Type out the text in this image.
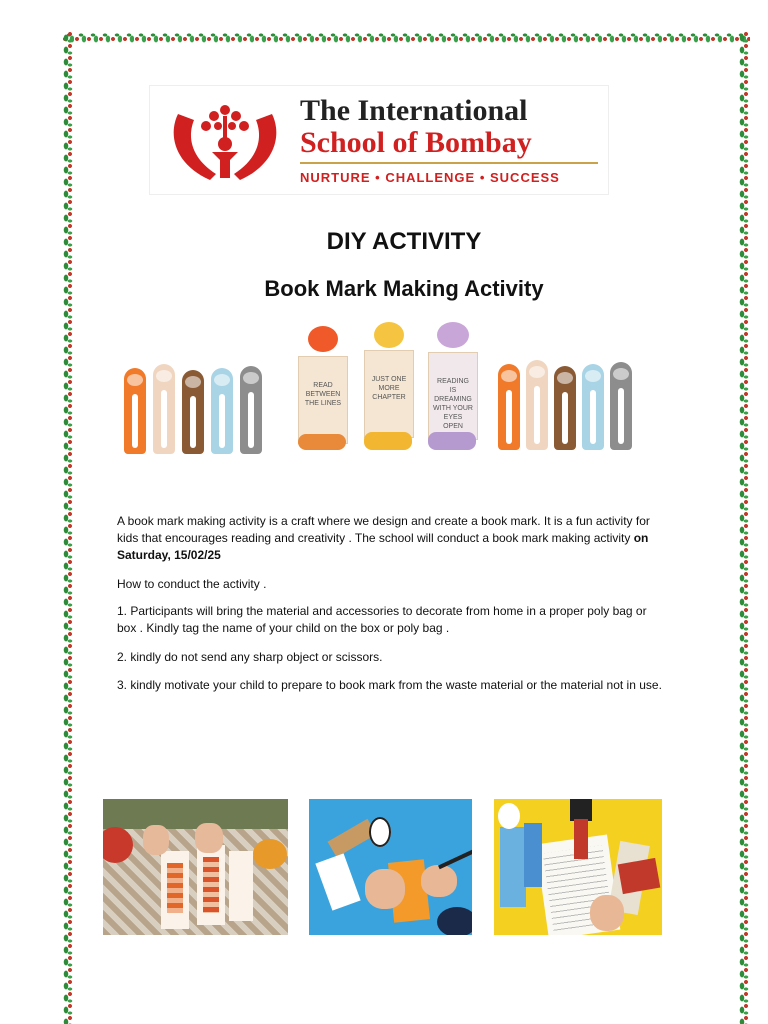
The International
School of Bombay
NURTURE • CHALLENGE • SUCCESS
DIY ACTIVITY
Book Mark Making Activity
READ BETWEEN THE LINES
JUST ONE MORE CHAPTER
READING IS DREAMING WITH YOUR EYES OPEN
A book mark making activity is a craft where we design and create a book mark. It is a fun activity for kids that encourages reading and creativity . The school will conduct a book mark making activity on Saturday, 15/02/25
How to conduct the activity .
1. Participants will bring the material and accessories to decorate from home in a proper poly bag or box . Kindly tag the name of your child on the box or poly bag .
2. kindly do not send any sharp object or scissors.
3. kindly motivate your child to prepare to book mark from the waste material or the material not in use.
